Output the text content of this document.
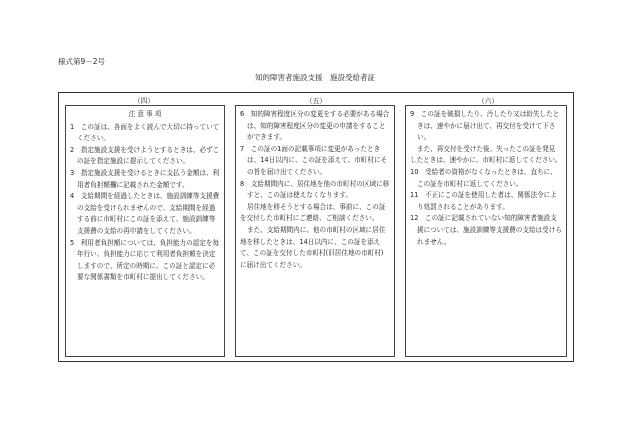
様式第9－2号
知的障害者施設支援　施設受給者証
（四）	（五）	（六）

注 意 事 項

1　この証は、各面をよく読んで大切に持っていてください。

2　指定施設支援を受けようとするときは、必ずこの証を指定施設に提示してください。

3　指定施設支援を受けるときに支払う金額は、利用者負担額欄に記載された金額です。

4　支給期間を経過したときは、施設訓練等支援費の支給を受けられませんので、支給期間を経過する前に市町村にこの証を添えて、施設訓練等支援費の支給の再申請をしてください。

5　利用者負担額については、負担能力の認定を毎年行い、負担能力に応じて利用者負担額を決定しますので、所定の時期に、この証と認定に必要な関係書類を市町村に提出してください。

6　知的障害程度区分の変更をする必要がある場合は、知的障害程度区分の変更の申請をすることができます。

7　この証の1面の記載事項に変更があったときは、14日以内に、この証を添えて、市町村にその旨を届け出てください。

8　支給期間内に、居住地を他の市町村の区域に移すと、この証は使えなくなります。

居住地を移そうとする場合は、事前に、この証を交付した市町村にご連絡、ご相談ください。

また、支給期間内に、他の市町村の区域に居住地を移したときは、14日以内に、この証を添えて、この証を交付した市町村(旧居住地の市町村)に届け出てください。

9　この証を破損したり、汚したり又は紛失したときは、速やかに届け出て、再交付を受けて下さい。

また、再交付を受けた後、失ったこの証を発見したときは、速やかに、市町村に返してください。

10　受給者の資格がなくなったときは、直ちに、この証を市町村に返してください。

11　不正にこの証を使用した者は、関係法令により処罰されることがあります。

12　この証に記載されていない知的障害者施設支援については、施設訓練等支援費の支給は受けられません。
